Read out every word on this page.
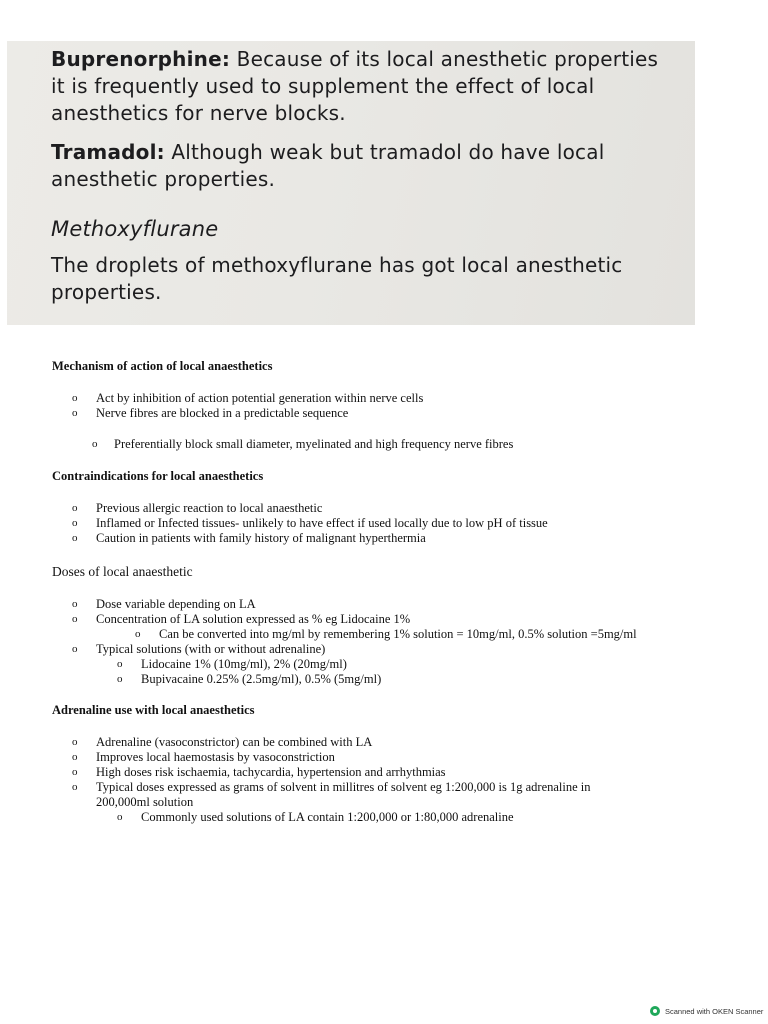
Buprenorphine: Because of its local anesthetic properties it is frequently used to supplement the effect of local anesthetics for nerve blocks.

Tramadol: Although weak but tramadol do have local anesthetic properties.

Methoxyflurane

The droplets of methoxyflurane has got local anesthetic properties.

Mechanism of action of local anaesthetics
o Act by inhibition of action potential generation within nerve cells
o Nerve fibres are blocked in a predictable sequence
o Preferentially block small diameter, myelinated and high frequency nerve fibres
Contraindications for local anaesthetics
o Previous allergic reaction to local anaesthetic
o Inflamed or Infected tissues- unlikely to have effect if used locally due to low pH of tissue
o Caution in patients with family history of malignant hyperthermia
Doses of local anaesthetic
o Dose variable depending on LA
o Concentration of LA solution expressed as % eg Lidocaine 1%
o Can be converted into mg/ml by remembering 1% solution = 10mg/ml, 0.5% solution =5mg/ml
o Typical solutions (with or without adrenaline)
o Lidocaine 1% (10mg/ml), 2% (20mg/ml)
o Bupivacaine 0.25% (2.5mg/ml), 0.5% (5mg/ml)
Adrenaline use with local anaesthetics
o Adrenaline (vasoconstrictor) can be combined with LA
o Improves local haemostasis by vasoconstriction
o High doses risk ischaemia, tachycardia, hypertension and arrhythmias
o Typical doses expressed as grams of solvent in millitres of solvent eg 1:200,000 is 1g adrenaline in
200,000ml solution
o Commonly used solutions of LA contain 1:200,000 or 1:80,000 adrenaline
Scanned with OKEN Scanner
